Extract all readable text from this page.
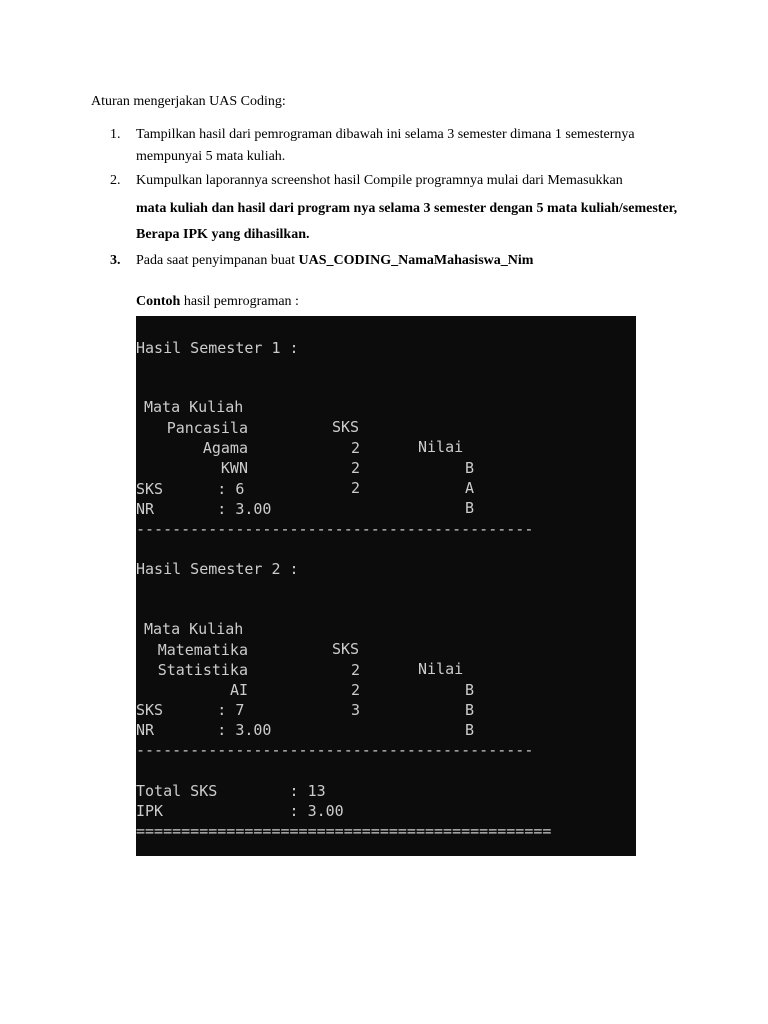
Aturan mengerjakan UAS Coding:
1. Tampilkan hasil dari pemrograman dibawah ini selama 3 semester dimana 1 semesternya mempunyai 5 mata kuliah.
2. Kumpulkan laporannya screenshot hasil Compile programnya mulai dari Memasukkan
mata kuliah dan hasil dari program nya selama 3 semester dengan 5 mata kuliah/semester, Berapa IPK yang dihasilkan.
3. Pada saat penyimpanan buat UAS_CODING_NamaMahasiswa_Nim
Contoh hasil pemrograman :
Hasil Semester 1 :

Mata Kuliah

SKS

Nilai

Pancasila

2

B

Agama

2

A

KWN

2

B

SKS      : 6
NR       : 3.00
--------------------------------------------
Hasil Semester 2 :

Mata Kuliah

SKS

Nilai

Matematika

2

B

Statistika

2

B

AI

3

B

SKS      : 7
NR       : 3.00
--------------------------------------------
Total SKS        : 13
IPK              : 3.00
==============================================
